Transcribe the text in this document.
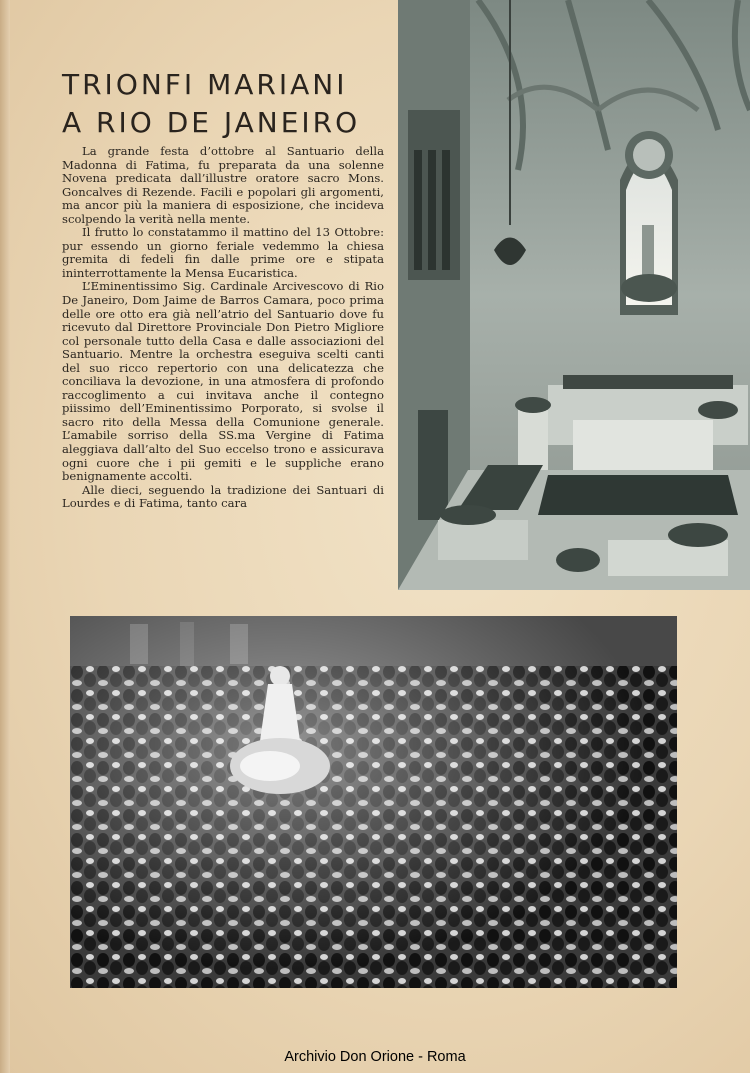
TRIONFI MARIANI
A RIO DE JANEIRO

La grande festa d’ottobre al Santuario della Madonna di Fatima, fu preparata da una solenne Novena predicata dall’illustre oratore sacro Mons. Goncalves di Rezende. Facili e popolari gli argomenti, ma ancor più la maniera di esposizione, che incideva scolpendo la verità nella mente.

Il frutto lo constatammo il mattino del 13 Ottobre: pur essendo un giorno feriale vedemmo la chiesa gremita di fedeli fin dalle prime ore e stipata ininterrottamente la Mensa Eucaristica.

L’Eminentissimo Sig. Cardinale Arcivescovo di Rio De Janeiro, Dom Jaime de Barros Camara, poco prima delle ore otto era già nell’atrio del Santuario dove fu ricevuto dal Direttore Provinciale Don Pietro Migliore col personale tutto della Casa e dalle associazioni del Santuario. Mentre la orchestra eseguiva scelti canti del suo ricco repertorio con una delicatezza che conciliava la devozione, in una atmosfera di profondo raccoglimento a cui invitava anche il contegno piissimo dell’Eminentissimo Porporato, si svolse il sacro rito della Messa della Comunione generale. L’amabile sorriso della SS.ma Vergine di Fatima aleggiava dall’alto del Suo eccelso trono e assicurava ogni cuore che i pii gemiti e le suppliche erano benignamente accolti.

Alle dieci, seguendo la tradizione dei Santuari di Lourdes e di Fatima, tanto cara

Archivio Don Orione - Roma
